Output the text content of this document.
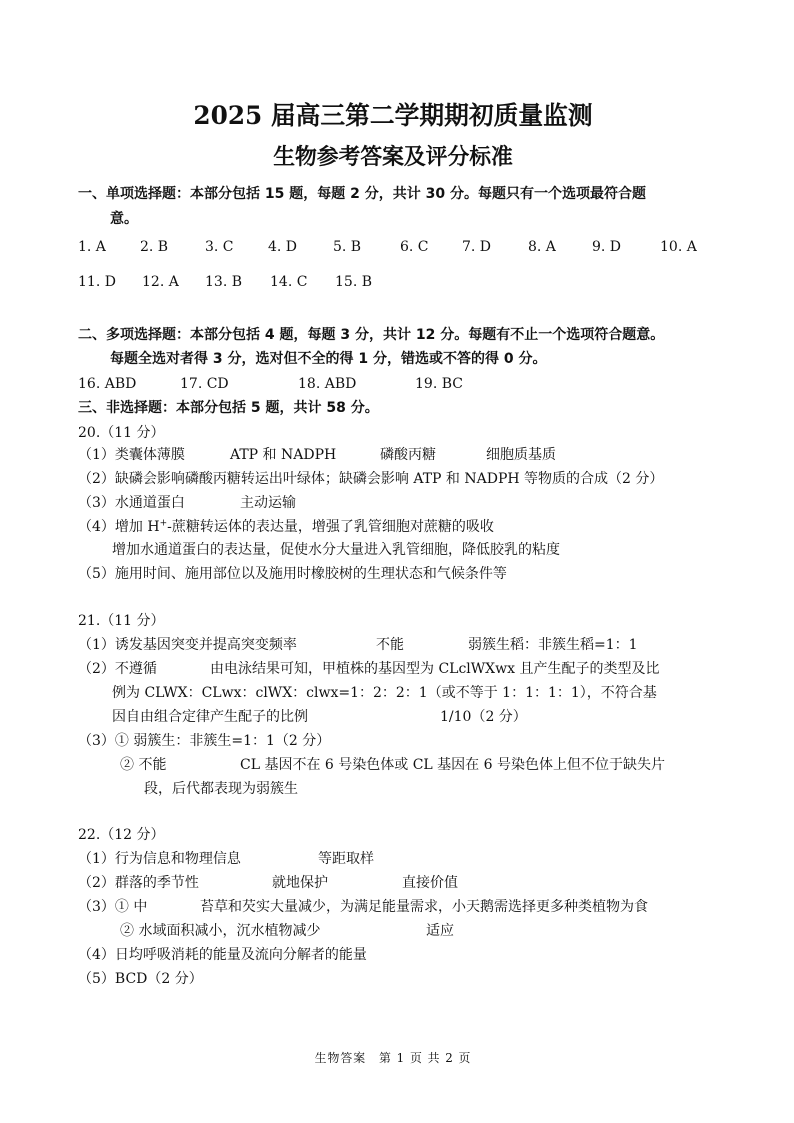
2025 届高三第二学期期初质量监测
生物参考答案及评分标准
一、单项选择题：本部分包括 15 题，每题 2 分，共计 30 分。每题只有一个选项最符合题
意。
1. A 2. B	3. C 4. D	5. B	6. C 7. D	8. A	9. D	10. A
11. D 12. A 13. B 14. C 15. B
二、多项选择题：本部分包括 4 题，每题 3 分，共计 12 分。每题有不止一个选项符合题意。
每题全选对者得 3 分，选对但不全的得 1 分，错选或不答的得 0 分。
16. ABD	17. CD	18. ABD	19. BC
三、非选择题：本部分包括 5 题，共计 58 分。
20.（11 分）
（1）类囊体薄膜	ATP 和 NADPH	磷酸丙糖	细胞质基质
（2）缺磷会影响磷酸丙糖转运出叶绿体；缺磷会影响 ATP 和 NADPH 等物质的合成（2 分）
（3）水通道蛋白	主动运输
（4）增加 H+-蔗糖转运体的表达量，增强了乳管细胞对蔗糖的吸收
增加水通道蛋白的表达量，促使水分大量进入乳管细胞，降低胶乳的粘度
（5）施用时间、施用部位以及施用时橡胶树的生理状态和气候条件等
21.（11 分）
（1）诱发基因突变并提高突变频率	不能	弱簇生稻：非簇生稻=1：1
（2）不遵循	由电泳结果可知，甲植株的基因型为 CLclWXwx 且产生配子的类型及比
例为 CLWX：CLwx：clWX：clwx=1：2：2：1（或不等于 1：1：1：1），不符合基
因自由组合定律产生配子的比例	1/10（2 分）
（3）① 弱簇生：非簇生=1：1（2 分）
② 不能	CL 基因不在 6 号染色体或 CL 基因在 6 号染色体上但不位于缺失片
段，后代都表现为弱簇生
22.（12 分）
（1）行为信息和物理信息	等距取样
（2）群落的季节性	就地保护	直接价值
（3）① 中	苔草和芡实大量减少，为满足能量需求，小天鹅需选择更多种类植物为食
② 水域面积减小，沉水植物减少	适应
（4）日均呼吸消耗的能量及流向分解者的能量
（5）BCD（2 分）
生物答案　第 1 页 共 2 页
